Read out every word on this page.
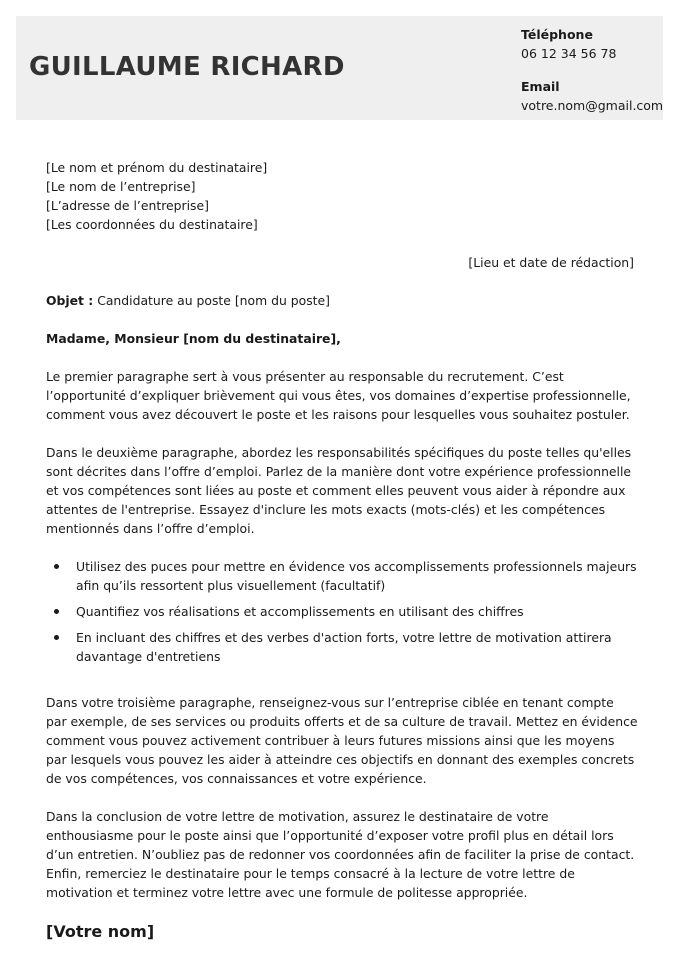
GUILLAUME RICHARD
Téléphone
06 12 34 56 78
Email
votre.nom@gmail.com
[Le nom et prénom du destinataire]
[Le nom de l’entreprise]
[L’adresse de l’entreprise]
[Les coordonnées du destinataire]
[Lieu et date de rédaction]
Objet : Candidature au poste [nom du poste]
Madame, Monsieur [nom du destinataire],
Le premier paragraphe sert à vous présenter au responsable du recrutement. C’est l’opportunité d’expliquer brièvement qui vous êtes, vos domaines d’expertise professionnelle, comment vous avez découvert le poste et les raisons pour lesquelles vous souhaitez postuler.
Dans le deuxième paragraphe, abordez les responsabilités spécifiques du poste telles qu'elles sont décrites dans l’offre d’emploi. Parlez de la manière dont votre expérience professionnelle et vos compétences sont liées au poste et comment elles peuvent vous aider à répondre aux attentes de l'entreprise. Essayez d'inclure les mots exacts (mots-clés) et les compétences mentionnés dans l’offre d’emploi.
Utilisez des puces pour mettre en évidence vos accomplissements professionnels majeurs afin qu’ils ressortent plus visuellement (facultatif)
Quantifiez vos réalisations et accomplissements en utilisant des chiffres
En incluant des chiffres et des verbes d'action forts, votre lettre de motivation attirera davantage d'entretiens
Dans votre troisième paragraphe, renseignez-vous sur l’entreprise ciblée en tenant compte par exemple, de ses services ou produits offerts et de sa culture de travail. Mettez en évidence comment vous pouvez activement contribuer à leurs futures missions ainsi que les moyens par lesquels vous pouvez les aider à atteindre ces objectifs en donnant des exemples concrets de vos compétences, vos connaissances et votre expérience.
Dans la conclusion de votre lettre de motivation, assurez le destinataire de votre enthousiasme pour le poste ainsi que l’opportunité d’exposer votre profil plus en détail lors d’un entretien. N’oubliez pas de redonner vos coordonnées afin de faciliter la prise de contact. Enfin, remerciez le destinataire pour le temps consacré à la lecture de votre lettre de motivation et terminez votre lettre avec une formule de politesse appropriée.
[Votre nom]
